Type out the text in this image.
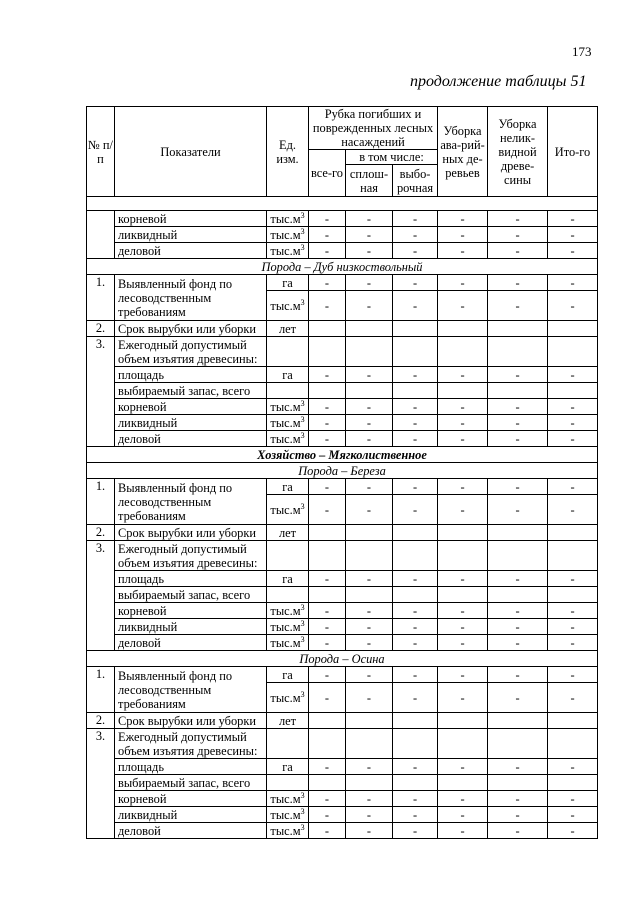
173
продолжение таблицы 51
№ п/п	Показатели	Ед. изм.	Рубка погибших и поврежденных лесных насаждений			Уборка ава-рий-ных де-ревьев	Уборка нелик-видной древе-сины	Ито-го
			все-го	в том числе:				
				сплош-ная	выбо-рочная			

	корневой	$тыс.м^3$	-	-	-	-	-	-
	ликвидный	$тыс.м^3$	-	-	-	-	-	-
	деловой	$тыс.м^3$	-	-	-	-	-	-
Порода – Дуб низкоствольный								
1.	Выявленный фонд по лесоводственным требованиям	га	-	-	-	-	-	-
		$тыс.м^3$	-	-	-	-	-	-
2.	Срок вырубки или уборки	лет						
3.	Ежегодный допустимый объем изъятия древесины:							
	площадь	га	-	-	-	-	-	-
	выбираемый запас, всего							
	корневой	$тыс.м^3$	-	-	-	-	-	-
	ликвидный	$тыс.м^3$	-	-	-	-	-	-
	деловой	$тыс.м^3$	-	-	-	-	-	-
Хозяйство – Мягколиственное								
Порода – Береза								
1.	Выявленный фонд по лесоводственным требованиям	га	-	-	-	-	-	-
		$тыс.м^3$	-	-	-	-	-	-
2.	Срок вырубки или уборки	лет						
3.	Ежегодный допустимый объем изъятия древесины:							
	площадь	га	-	-	-	-	-	-
	выбираемый запас, всего							
	корневой	$тыс.м^3$	-	-	-	-	-	-
	ликвидный	$тыс.м^3$	-	-	-	-	-	-
	деловой	$тыс.м^3$	-	-	-	-	-	-
Порода – Осина								
1.	Выявленный фонд по лесоводственным требованиям	га	-	-	-	-	-	-
		$тыс.м^3$	-	-	-	-	-	-
2.	Срок вырубки или уборки	лет						
3.	Ежегодный допустимый объем изъятия древесины:							
	площадь	га	-	-	-	-	-	-
	выбираемый запас, всего							
	корневой	$тыс.м^3$	-	-	-	-	-	-
	ликвидный	$тыс.м^3$	-	-	-	-	-	-
	деловой	$тыс.м^3$	-	-	-	-	-	-
